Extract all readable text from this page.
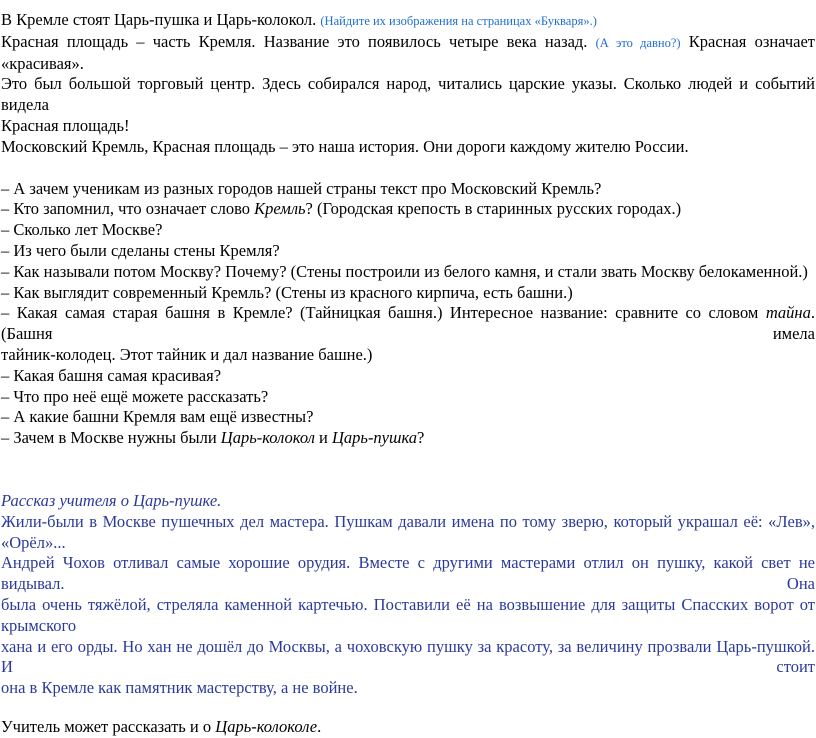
В Кремле стоят Царь-пушка и Царь-колокол. (Найдите их изображения на страницах «Букваря».)
Красная площадь – часть Кремля. Название это появилось четыре века назад. (А это давно?) Красная означает «красивая».
Это был большой торговый центр. Здесь собирался народ, читались царские указы. Сколько людей и событий видела
Красная площадь!
Московский Кремль, Красная площадь – это наша история. Они дороги каждому жителю России.
– А зачем ученикам из разных городов нашей страны текст про Московский Кремль?
– Кто запомнил, что означает слово Кремль? (Городская крепость в старинных русских городах.)
– Сколько лет Москве?
– Из чего были сделаны стены Кремля?
– Как называли потом Москву? Почему? (Стены построили из белого камня, и стали звать Москву белокаменной.)
– Как выглядит современный Кремль? (Стены из красного кирпича, есть башни.)
– Какая самая старая башня в Кремле? (Тайницкая башня.) Интересное название: сравните со словом тайна. (Башня имела
тайник-колодец. Этот тайник и дал название башне.)
– Какая башня самая красивая?
– Что про неё ещё можете рассказать?
– А какие башни Кремля вам ещё известны?
– Зачем в Москве нужны были Царь-колокол и Царь-пушка?
Рассказ учителя о Царь-пушке.
Жили-были в Москве пушечных дел мастера. Пушкам давали имена по тому зверю, который украшал её: «Лев», «Орёл»...
Андрей Чохов отливал самые хорошие орудия. Вместе с другими мастерами отлил он пушку, какой свет не видывал. Она
была очень тяжёлой, стреляла каменной картечью. Поставили её на возвышение для защиты Спасских ворот от крымского
хана и его орды. Но хан не дошёл до Москвы, а чоховскую пушку за красоту, за величину прозвали Царь-пушкой. И стоит
она в Кремле как памятник мастерству, а не войне.
Учитель может рассказать и о Царь-колоколе.
